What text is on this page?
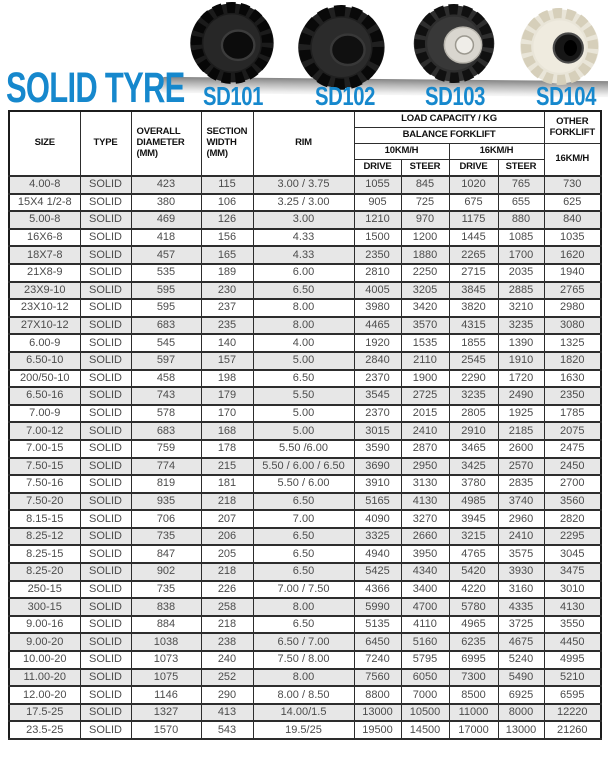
SOLID TYRE SD101	SD102	SD103	SD104
SIZE	TYPE	OVERALL DIAMETER (MM)	SECTION WIDTH (MM)	RIM	LOAD CAPACITY / KG				OTHER FORKLIFT
					BALANCE FORKLIFT				
					10KM/H		16KM/H		16KM/H
					DRIVE	STEER	DRIVE	STEER	
4.00-8	SOLID	423	115	3.00 / 3.75	1055	845	1020	765	730
15X4 1/2-8	SOLID	380	106	3.25 / 3.00	905	725	675	655	625
5.00-8	SOLID	469	126	3.00	1210	970	1175	880	840
16X6-8	SOLID	418	156	4.33	1500	1200	1445	1085	1035
18X7-8	SOLID	457	165	4.33	2350	1880	2265	1700	1620
21X8-9	SOLID	535	189	6.00	2810	2250	2715	2035	1940
23X9-10	SOLID	595	230	6.50	4005	3205	3845	2885	2765
23X10-12	SOLID	595	237	8.00	3980	3420	3820	3210	2980
27X10-12	SOLID	683	235	8.00	4465	3570	4315	3235	3080
6.00-9	SOLID	545	140	4.00	1920	1535	1855	1390	1325
6.50-10	SOLID	597	157	5.00	2840	2110	2545	1910	1820
200/50-10	SOLID	458	198	6.50	2370	1900	2290	1720	1630
6.50-16	SOLID	743	179	5.50	3545	2725	3235	2490	2350
7.00-9	SOLID	578	170	5.00	2370	2015	2805	1925	1785
7.00-12	SOLID	683	168	5.00	3015	2410	2910	2185	2075
7.00-15	SOLID	759	178	5.50 /6.00	3590	2870	3465	2600	2475
7.50-15	SOLID	774	215	5.50 / 6.00 / 6.50	3690	2950	3425	2570	2450
7.50-16	SOLID	819	181	5.50 / 6.00	3910	3130	3780	2835	2700
7.50-20	SOLID	935	218	6.50	5165	4130	4985	3740	3560
8.15-15	SOLID	706	207	7.00	4090	3270	3945	2960	2820
8.25-12	SOLID	735	206	6.50	3325	2660	3215	2410	2295
8.25-15	SOLID	847	205	6.50	4940	3950	4765	3575	3045
8.25-20	SOLID	902	218	6.50	5425	4340	5420	3930	3475
250-15	SOLID	735	226	7.00 / 7.50	4366	3400	4220	3160	3010
300-15	SOLID	838	258	8.00	5990	4700	5780	4335	4130
9.00-16	SOLID	884	218	6.50	5135	4110	4965	3725	3550
9.00-20	SOLID	1038	238	6.50 / 7.00	6450	5160	6235	4675	4450
10.00-20	SOLID	1073	240	7.50 / 8.00	7240	5795	6995	5240	4995
11.00-20	SOLID	1075	252	8.00	7560	6050	7300	5490	5210
12.00-20	SOLID	1146	290	8.00 / 8.50	8800	7000	8500	6925	6595
17.5-25	SOLID	1327	413	14.00/1.5	13000	10500	11000	8000	12220
23.5-25	SOLID	1570	543	19.5/25	19500	14500	17000	13000	21260
